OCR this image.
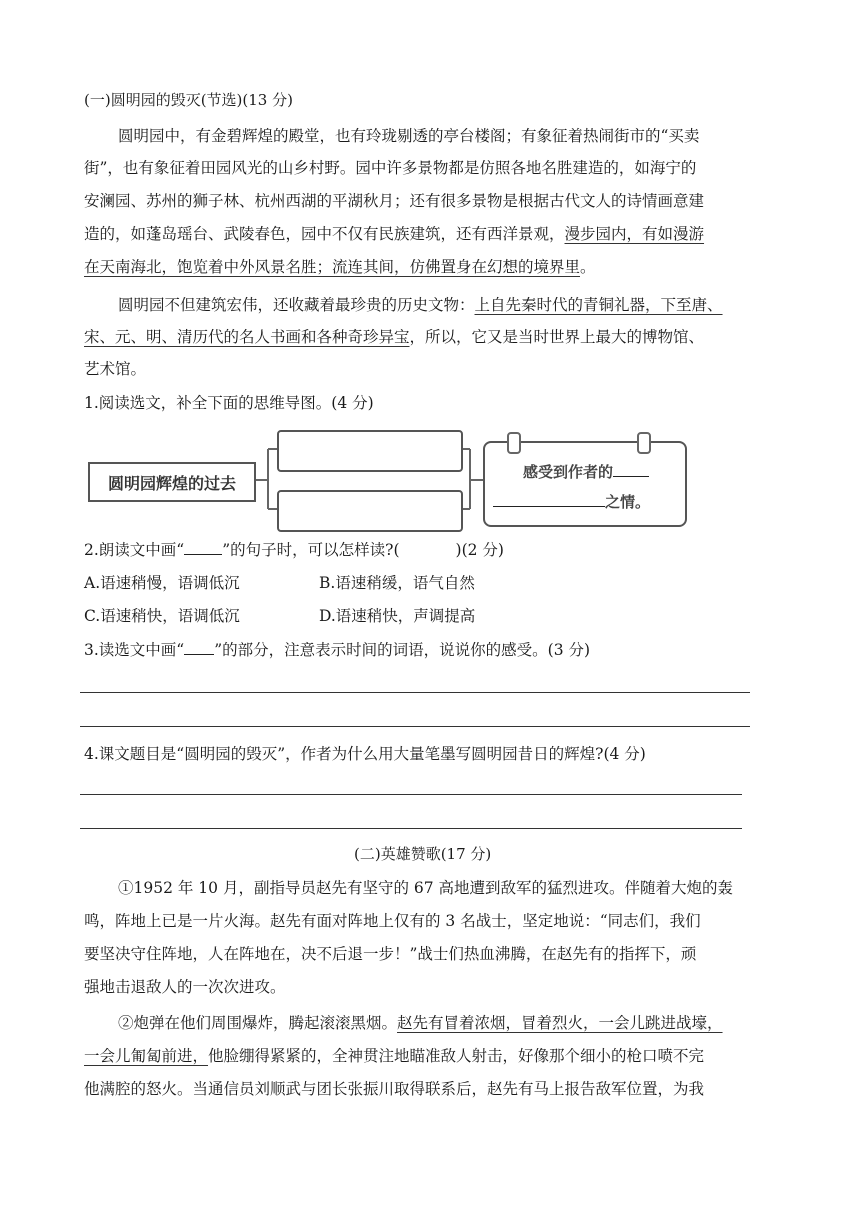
(一)圆明园的毁灭(节选)(13 分)
圆明园中，有金碧辉煌的殿堂，也有玲珑剔透的亭台楼阁；有象征着热闹街市的“买卖
街”，也有象征着田园风光的山乡村野。园中许多景物都是仿照各地名胜建造的，如海宁的
安澜园、苏州的狮子林、杭州西湖的平湖秋月；还有很多景物是根据古代文人的诗情画意建
造的，如蓬岛瑶台、武陵春色，园中不仅有民族建筑，还有西洋景观，漫步园内，有如漫游
在天南海北，饱览着中外风景名胜；流连其间，仿佛置身在幻想的境界里。
圆明园不但建筑宏伟，还收藏着最珍贵的历史文物：上自先秦时代的青铜礼器，下至唐、
宋、元、明、清历代的名人书画和各种奇珍异宝，所以，它又是当时世界上最大的博物馆、
艺术馆。
1.阅读选文，补全下面的思维导图。(4 分)
圆明园辉煌的过去
感受到作者的
之情。
2.朗读文中画“ ”的句子时，可以怎样读?(	)(2 分)
A.语速稍慢，语调低沉	B.语速稍缓，语气自然
C.语速稍快，语调低沉	D.语速稍快，声调提高
3.读选文中画“ ”的部分，注意表示时间的词语，说说你的感受。(3 分)
4.课文题目是“圆明园的毁灭”，作者为什么用大量笔墨写圆明园昔日的辉煌?(4 分)
(二)英雄赞歌(17 分)
①1952 年 10 月，副指导员赵先有坚守的 67 高地遭到敌军的猛烈进攻。伴随着大炮的轰
鸣，阵地上已是一片火海。赵先有面对阵地上仅有的 3 名战士，坚定地说：“同志们，我们
要坚决守住阵地，人在阵地在，决不后退一步！”战士们热血沸腾，在赵先有的指挥下，顽
强地击退敌人的一次次进攻。
②炮弹在他们周围爆炸，腾起滚滚黑烟。赵先有冒着浓烟，冒着烈火，一会儿跳进战壕，
一会儿匍匐前进，他脸绷得紧紧的，全神贯注地瞄准敌人射击，好像那个细小的枪口喷不完
他满腔的怒火。当通信员刘顺武与团长张振川取得联系后，赵先有马上报告敌军位置，为我
